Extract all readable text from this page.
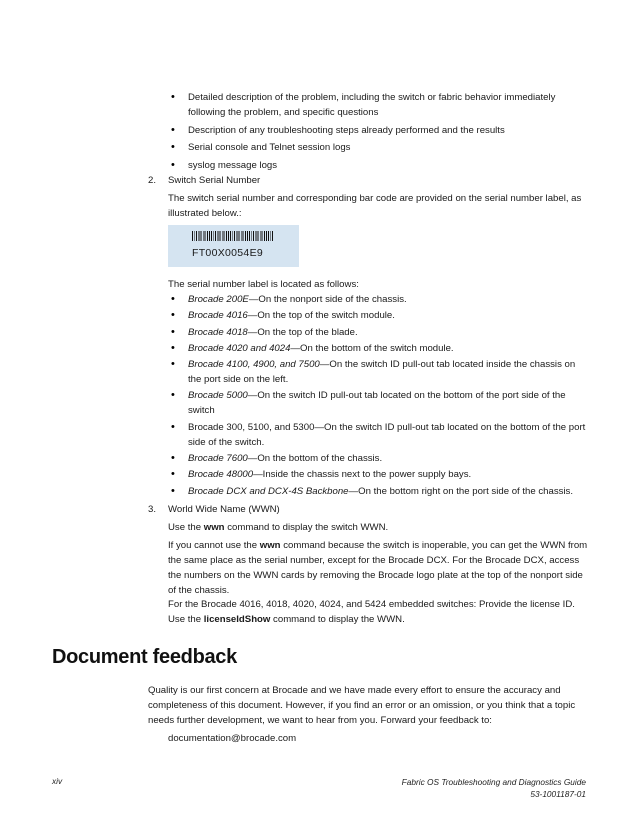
• Detailed description of the problem, including the switch or fabric behavior immediately following the problem, and specific questions
• Description of any troubleshooting steps already performed and the results
• Serial console and Telnet session logs
• syslog message logs
2. Switch Serial Number
The switch serial number and corresponding bar code are provided on the serial number label, as illustrated below.:
FT00X0054E9
The serial number label is located as follows:
• Brocade 200E—On the nonport side of the chassis.
• Brocade 4016—On the top of the switch module.
• Brocade 4018—On the top of the blade.
• Brocade 4020 and 4024—On the bottom of the switch module.
• Brocade 4100, 4900, and 7500—On the switch ID pull-out tab located inside the chassis on the port side on the left.
• Brocade 5000—On the switch ID pull-out tab located on the bottom of the port side of the switch
• Brocade 300, 5100, and 5300—On the switch ID pull-out tab located on the bottom of the port side of the switch.
• Brocade 7600—On the bottom of the chassis.
• Brocade 48000—Inside the chassis next to the power supply bays.
• Brocade DCX and DCX-4S Backbone—On the bottom right on the port side of the chassis.
3. World Wide Name (WWN)
Use the wwn command to display the switch WWN.
If you cannot use the wwn command because the switch is inoperable, you can get the WWN from the same place as the serial number, except for the Brocade DCX. For the Brocade DCX, access the numbers on the WWN cards by removing the Brocade logo plate at the top of the nonport side of the chassis.
For the Brocade 4016, 4018, 4020, 4024, and 5424 embedded switches: Provide the license ID. Use the licenseIdShow command to display the WWN.
Document feedback
Quality is our first concern at Brocade and we have made every effort to ensure the accuracy and completeness of this document. However, if you find an error or an omission, or you think that a topic needs further development, we want to hear from you. Forward your feedback to:
documentation@brocade.com
xiv	Fabric OS Troubleshooting and Diagnostics Guide
53-1001187-01
